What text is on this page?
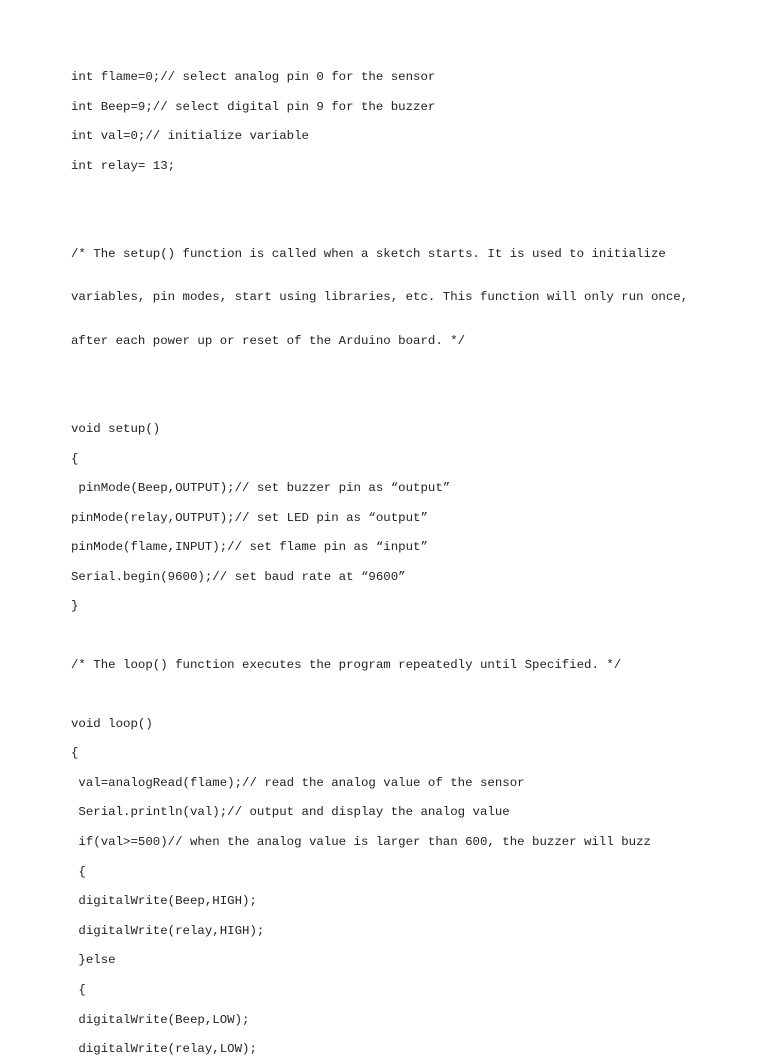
int flame=0;// select analog pin 0 for the sensor

int Beep=9;// select digital pin 9 for the buzzer

int val=0;// initialize variable

int relay= 13;

/* The setup() function is called when a sketch starts. It is used to initialize

variables, pin modes, start using libraries, etc. This function will only run once,

after each power up or reset of the Arduino board. */

void setup()

{

pinMode(Beep,OUTPUT);// set buzzer pin as “output”

pinMode(relay,OUTPUT);// set LED pin as “output”

pinMode(flame,INPUT);// set flame pin as “input”

Serial.begin(9600);// set baud rate at “9600”

}

/* The loop() function executes the program repeatedly until Specified. */

void loop()

{

val=analogRead(flame);// read the analog value of the sensor

Serial.println(val);// output and display the analog value

if(val>=500)// when the analog value is larger than 600, the buzzer will buzz

{

digitalWrite(Beep,HIGH);

digitalWrite(relay,HIGH);

}else

{

digitalWrite(Beep,LOW);

digitalWrite(relay,LOW);
